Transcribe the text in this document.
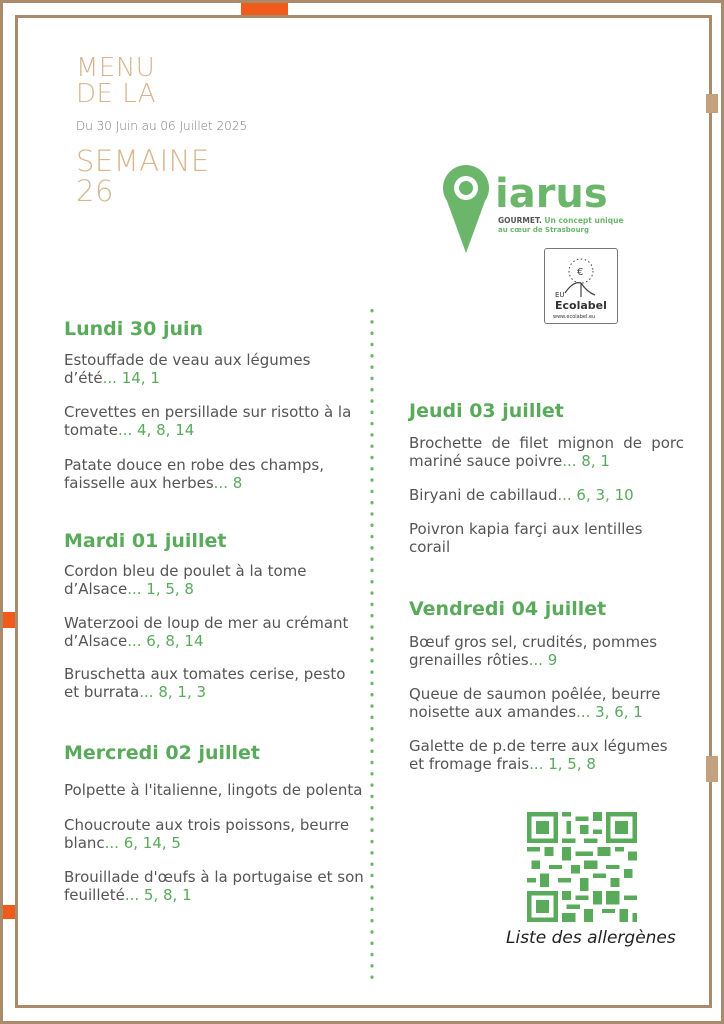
MENU
DE LA
Du 30 Juin au 06 Juillet 2025
SEMAINE
26	iarus
GOURMET. Un concept unique
au cœur de Strasbourg
€
EU
Ecolabel
www.ecolabel.eu
Lundi 30 juin
Estouffade de veau aux légumes d’été... 14, 1
Crevettes en persillade sur risotto à la tomate... 4, 8, 14
Patate douce en robe des champs, faisselle aux herbes... 8
Mardi 01 juillet
Cordon bleu de poulet à la tome d’Alsace... 1, 5, 8
Waterzooi de loup de mer au crémant d’Alsace... 6, 8, 14
Bruschetta aux tomates cerise, pesto et burrata... 8, 1, 3
Mercredi 02 juillet
Polpette à l'italienne, lingots de polenta
Choucroute aux trois poissons, beurre blanc... 6, 14, 5
Brouillade d'œufs à la portugaise et son feuilleté... 5, 8, 1
Jeudi 03 juillet
Brochette de filet mignon de porc mariné sauce poivre... 8, 1
Biryani de cabillaud... 6, 3, 10
Poivron kapia farçi aux lentilles corail
Vendredi 04 juillet
Bœuf gros sel, crudités, pommes grenailles rôties... 9
Queue de saumon poêlée, beurre noisette aux amandes... 3, 6, 1
Galette de p.de terre aux légumes et fromage frais... 1, 5, 8
Liste des allergènes
